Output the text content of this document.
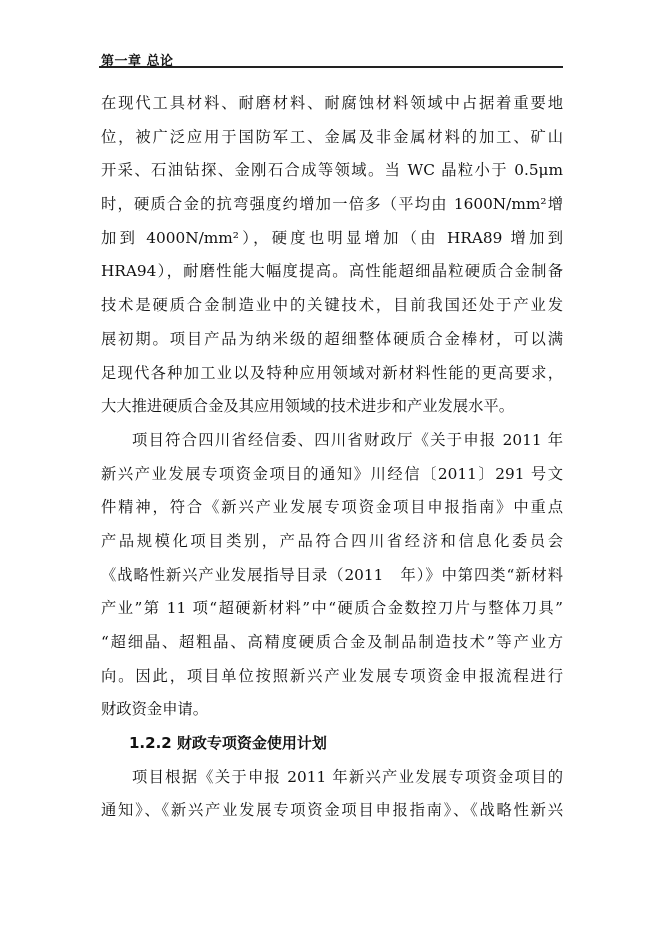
第一章 总论
在现代工具材料、耐磨材料、耐腐蚀材料领域中占据着重要地
位，被广泛应用于国防军工、金属及非金属材料的加工、矿山
开采、石油钻探、金刚石合成等领域。当 WC 晶粒小于 0.5μm
时，硬质合金的抗弯强度约增加一倍多（平均由 1600N/mm²增
加到 4000N/mm²），硬度也明显增加（由 HRA89 增加到
HRA94），耐磨性能大幅度提高。高性能超细晶粒硬质合金制备
技术是硬质合金制造业中的关键技术，目前我国还处于产业发
展初期。项目产品为纳米级的超细整体硬质合金棒材，可以满
足现代各种加工业以及特种应用领域对新材料性能的更高要求，
大大推进硬质合金及其应用领域的技术进步和产业发展水平。
项目符合四川省经信委、四川省财政厅《关于申报 2011 年
新兴产业发展专项资金项目的通知》川经信〔2011〕291 号文
件精神，符合《新兴产业发展专项资金项目申报指南》中重点
产品规模化项目类别，产品符合四川省经济和信息化委员会
《战略性新兴产业发展指导目录（2011　年）》中第四类“新材料
产业”第 11 项“超硬新材料”中“硬质合金数控刀片与整体刀具”
“超细晶、超粗晶、高精度硬质合金及制品制造技术”等产业方
向。因此，项目单位按照新兴产业发展专项资金申报流程进行
财政资金申请。
1.2.2 财政专项资金使用计划
项目根据《关于申报 2011 年新兴产业发展专项资金项目的
通知》、《新兴产业发展专项资金项目申报指南》、《战略性新兴
